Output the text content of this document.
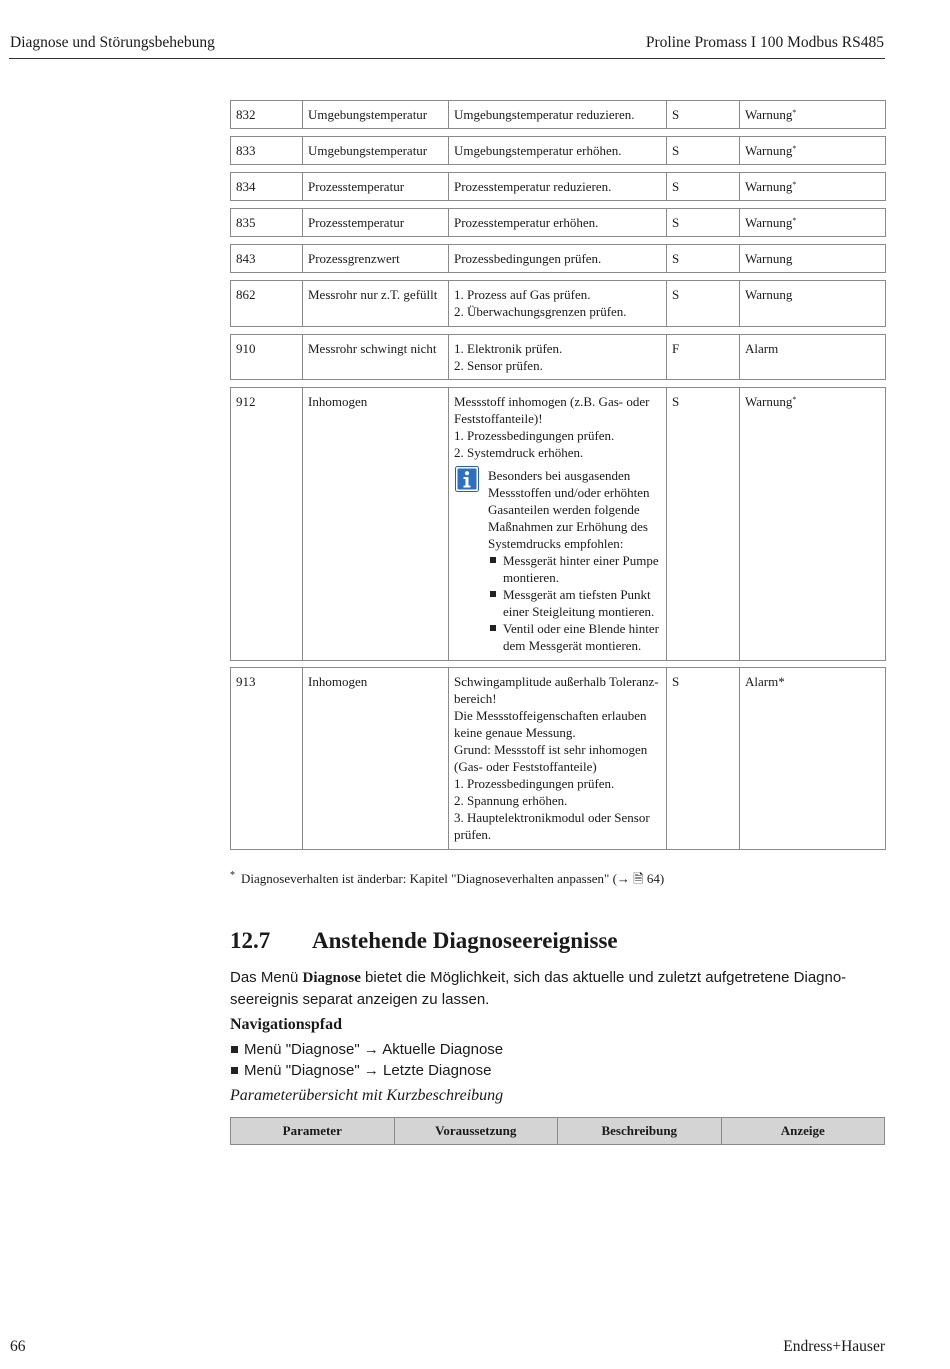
Diagnose und Störungsbehebung	Proline Promass I 100 Modbus RS485
832	Umgebungstemperatur	Umgebungstemperatur reduzieren.	S	Warnung*
833	Umgebungstemperatur	Umgebungstemperatur erhöhen.	S	Warnung*
834	Prozesstemperatur	Prozesstemperatur reduzieren.	S	Warnung*
835	Prozesstemperatur	Prozesstemperatur erhöhen.	S	Warnung*
843	Prozessgrenzwert	Prozessbedingungen prüfen.	S	Warnung
862	Messrohr nur z.T. gefüllt	1. Prozess auf Gas prüfen.
2. Überwachungsgrenzen prüfen.
	S	Warnung
910	Messrohr schwingt nicht	1. Elektronik prüfen.
2. Sensor prüfen.
	F	Alarm
912	Inhomogen	Messstoff inhomogen (z.B. Gas- oder Feststoffanteile)!
1. Prozessbedingungen prüfen.
2. Systemdruck erhöhen.
Besonders bei ausgasenden Messstoffen und/oder erhöhten Gasanteilen werden folgende Maßnahmen zur Erhöhung des Systemdrucks empfohlen:
Messgerät hinter einer Pumpe montieren.
Messgerät am tiefsten Punkt einer Steigleitung montieren.
Ventil oder eine Blende hinter dem Messgerät montieren.
	S	Warnung*
913	Inhomogen	Schwingamplitude außerhalb Toleranz-bereich!
Die Messstoffeigenschaften erlauben keine genaue Messung.
Grund: Messstoff ist sehr inhomogen (Gas- oder Feststoffanteile)
1. Prozessbedingungen prüfen.
2. Spannung erhöhen.
3. Hauptelektronikmodul oder Sensor prüfen.
	S	Alarm*
* Diagnoseverhalten ist änderbar: Kapitel "Diagnoseverhalten anpassen" (→ 🗎 64)
12.7 Anstehende Diagnoseereignisse

Das Menü Diagnose bietet die Möglichkeit, sich das aktuelle und zuletzt aufgetretene Diagno-seereignis separat anzeigen zu lassen.

Navigationspfad
Menü "Diagnose" → Aktuelle Diagnose
Menü "Diagnose" → Letzte Diagnose
Parameterübersicht mit Kurzbeschreibung
Parameter	Voraussetzung	Beschreibung	Anzeige
66	Endress+Hauser
